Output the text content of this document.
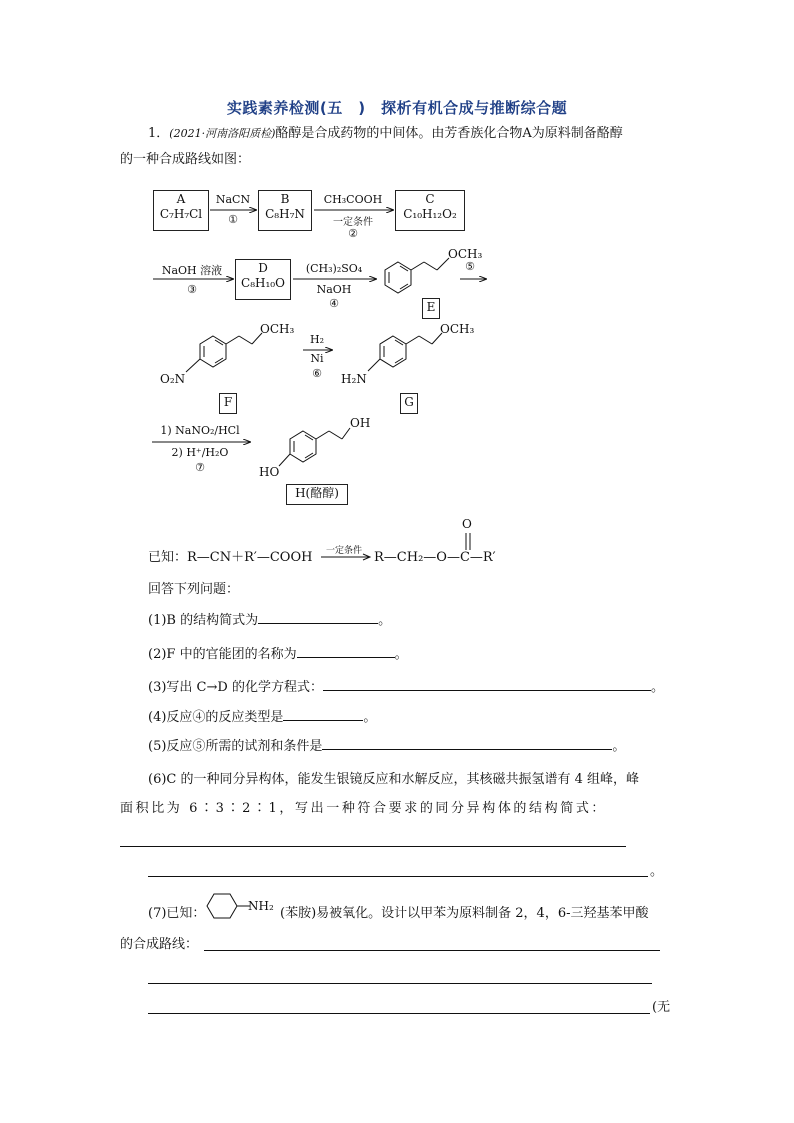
实践素养检测(五　)　探析有机合成与推断综合题
1．(2021·河南洛阳质检)酪醇是合成药物的中间体。由芳香族化合物A为原料制备酪醇
的一种合成路线如图：
A
C₇H₇Cl
NaCN
①
B
C₈H₇N
CH₃COOH
一定条件
②
C
C₁₀H₁₂O₂
NaOH 溶液
③
D
C₈H₁₀O
(CH₃)₂SO₄
NaOH
④
⑤
E
H₂
Ni
⑥
F	G
1) NaNO₂/HCl
2) H⁺/H₂O
⑦
H(酪醇)
OCH₃
OCH₃
O₂N
OCH₃
H₂N
OH
HO
已知：R—CN＋R′—COOH	一定条件 R—CH₂—O—C—R′
O
回答下列问题：
(1)B 的结构简式为	。
(2)F 中的官能团的名称为	。
(3)写出 C→D 的化学方程式：	。
(4)反应④的反应类型是	。
(5)反应⑤所需的试剂和条件是	。
(6)C 的一种同分异构体，能发生银镜反应和水解反应，其核磁共振氢谱有 4 组峰，峰
面积比为 6∶3∶2∶1，写出一种符合要求的同分异构体的结构简式：
。
(7)已知：	NH₂ (苯胺)易被氧化。设计以甲苯为原料制备 2，4，6-三羟基苯甲酸
的合成路线：
(无
